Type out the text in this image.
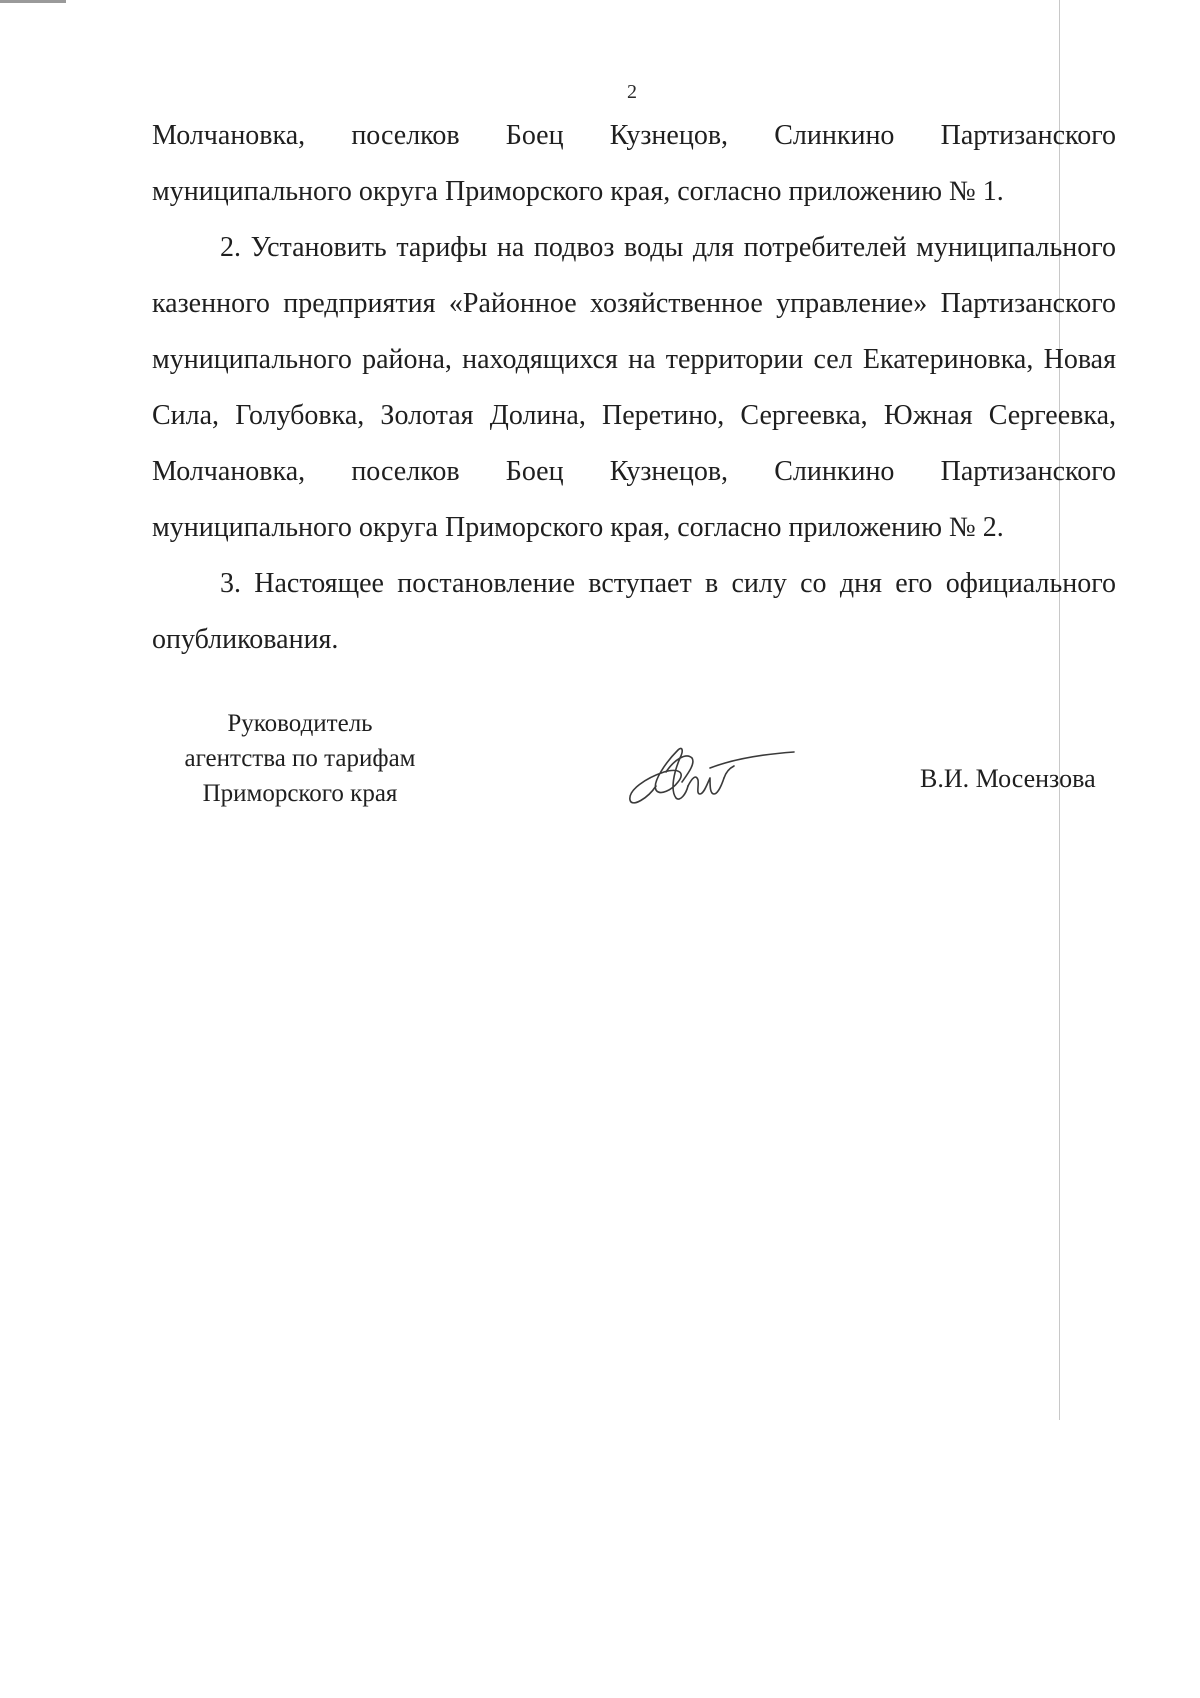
2

Молчановка, поселков Боец Кузнецов, Слинкино Партизанского муниципального округа Приморского края, согласно приложению № 1.

2. Установить тарифы на подвоз воды для потребителей муниципального казенного предприятия «Районное хозяйственное управление» Партизанского муниципального района, находящихся на территории сел Екатериновка, Новая Сила, Голубовка, Золотая Долина, Перетино, Сергеевка, Южная Сергеевка, Молчановка, поселков Боец Кузнецов, Слинкино Партизанского муниципального округа Приморского края, согласно приложению № 2.

3. Настоящее постановление вступает в силу со дня его официального опубликования.

Руководитель
агентства по тарифам
Приморского края
В.И. Мосензова
